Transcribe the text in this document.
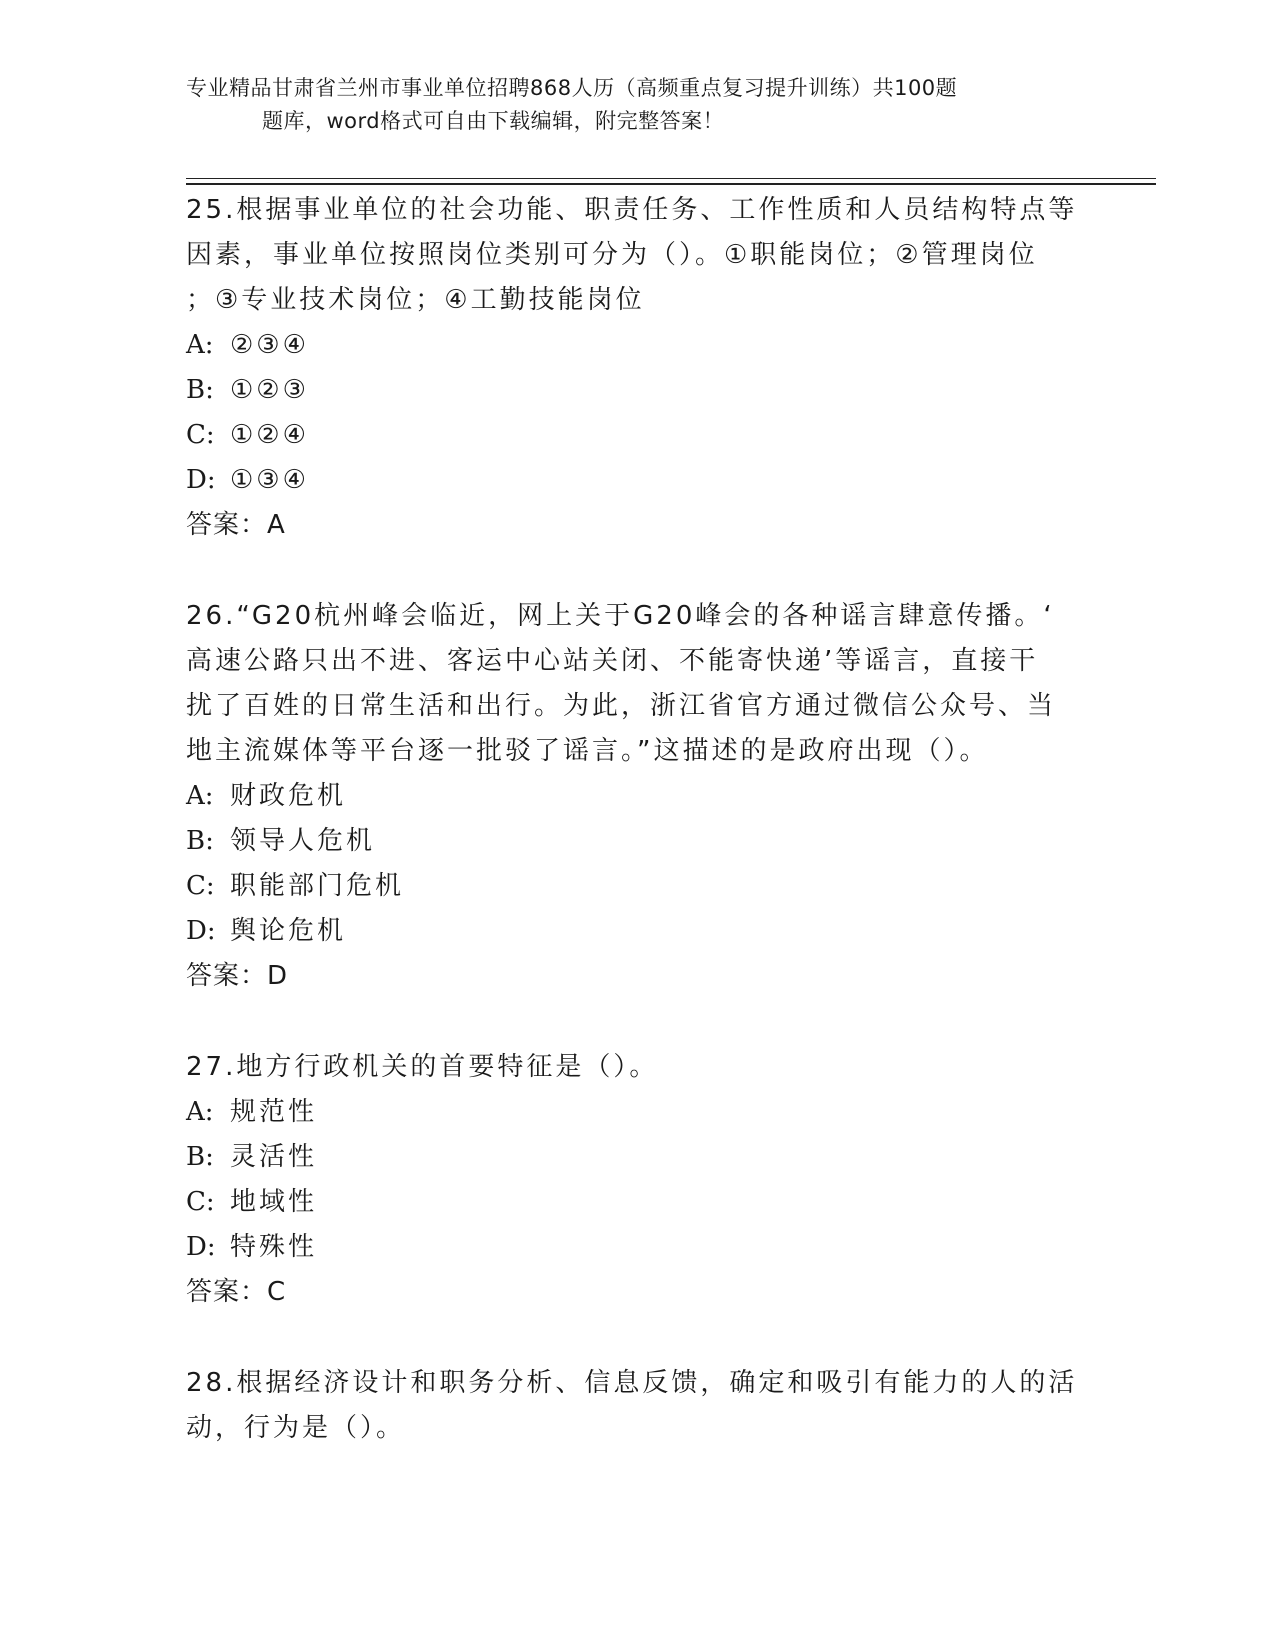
专业精品甘肃省兰州市事业单位招聘868人历（高频重点复习提升训练）共100题
题库，word格式可自由下载编辑，附完整答案！
25.根据事业单位的社会功能、职责任务、工作性质和人员结构特点等
因素，事业单位按照岗位类别可分为（）。①职能岗位；②管理岗位
；③专业技术岗位；④工勤技能岗位
A: ②③④
B: ①②③
C: ①②④
D: ①③④
答案：A
26.“G20杭州峰会临近，网上关于G20峰会的各种谣言肆意传播。‘
高速公路只出不进、客运中心站关闭、不能寄快递’等谣言，直接干
扰了百姓的日常生活和出行。为此，浙江省官方通过微信公众号、当
地主流媒体等平台逐一批驳了谣言。”这描述的是政府出现（）。
A: 财政危机
B: 领导人危机
C: 职能部门危机
D: 舆论危机
答案：D
27.地方行政机关的首要特征是（）。
A: 规范性
B: 灵活性
C: 地域性
D: 特殊性
答案：C
28.根据经济设计和职务分析、信息反馈，确定和吸引有能力的人的活
动，行为是（）。
